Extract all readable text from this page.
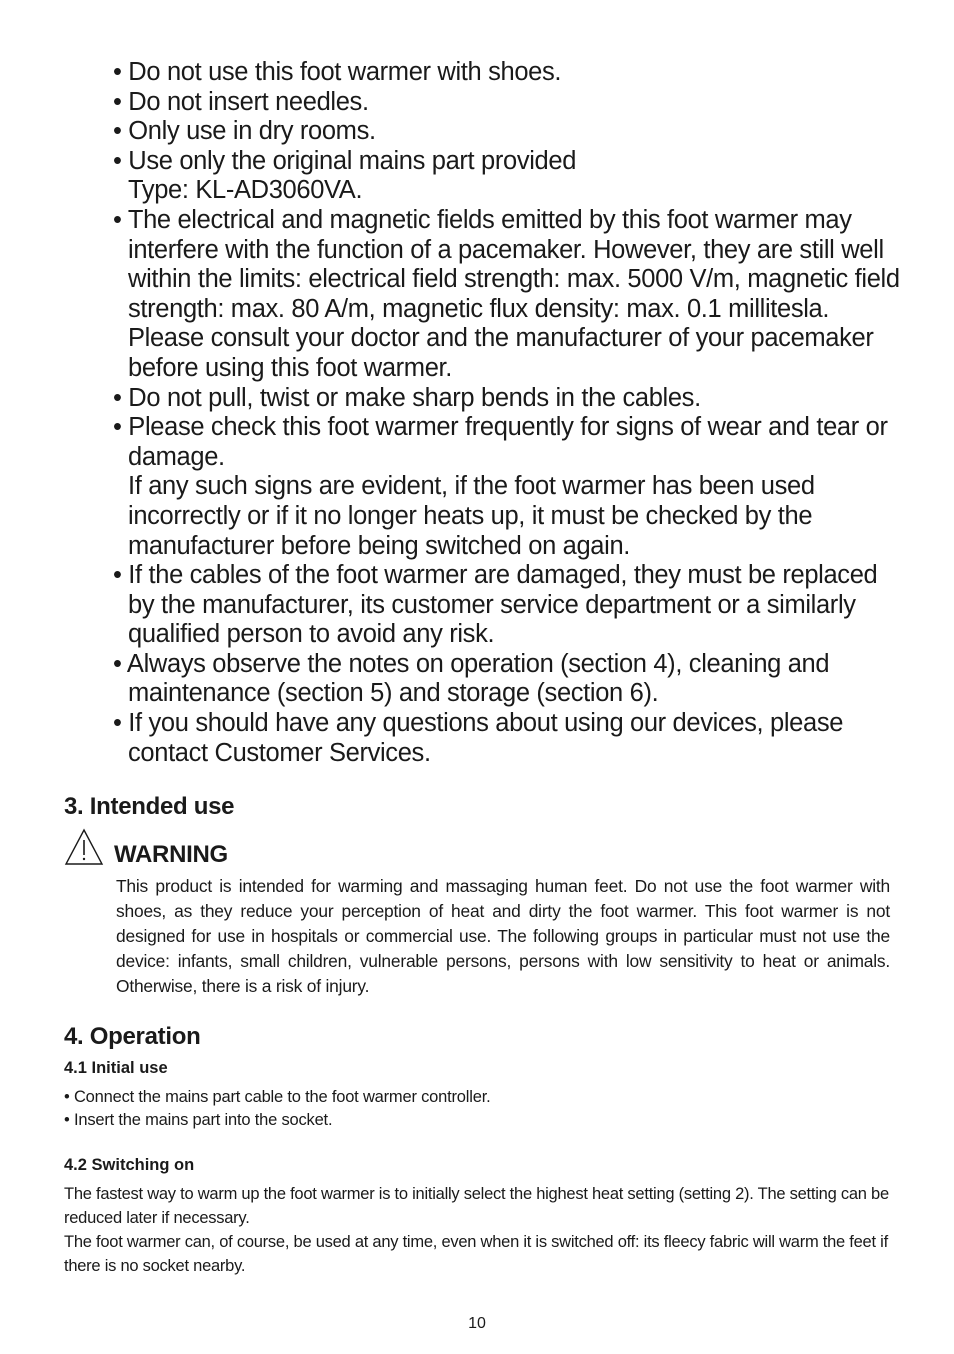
• Do not use this foot warmer with shoes.
• Do not insert needles.
• Only use in dry rooms.
• Use only the original mains part provided
Type: KL-AD3060VA.
• The electrical and magnetic fields emitted by this foot warmer may interfere with the function of a pacemaker. However, they are still well within the limits: electrical field strength: max. 5000 V/m, magnetic field strength: max. 80 A/m, magnetic flux density: max. 0.1 millitesla. Please consult your doctor and the manufacturer of your pacemaker before using this foot warmer.
• Do not pull, twist or make sharp bends in the cables.
• Please check this foot warmer frequently for signs of wear and tear or damage.
If any such signs are evident, if the foot warmer has been used incorrectly or if it no longer heats up, it must be checked by the manufacturer before being switched on again.
• If the cables of the foot warmer are damaged, they must be replaced by the manufacturer, its customer service department or a similarly qualified person to avoid any risk.
• Always observe the notes on operation (section 4), cleaning and maintenance (section 5) and storage (section 6).
• If you should have any questions about using our devices, please contact Customer Services.
3. Intended use
WARNING

This product is intended for warming and massaging human feet. Do not use the foot warmer with shoes, as they reduce your perception of heat and dirty the foot warmer. This foot warmer is not designed for use in hospitals or commercial use. The following groups in particular must not use the device: infants, small children, vulnerable persons, persons with low sensitivity to heat or animals. Otherwise, there is a risk of injury.

4. Operation
4.1 Initial use
• Connect the mains part cable to the foot warmer controller.
• Insert the mains part into the socket.
4.2 Switching on

The fastest way to warm up the foot warmer is to initially select the highest heat setting (setting 2). The setting can be reduced later if necessary.

The foot warmer can, of course, be used at any time, even when it is switched off: its fleecy fabric will warm the feet if there is no socket nearby.

10
